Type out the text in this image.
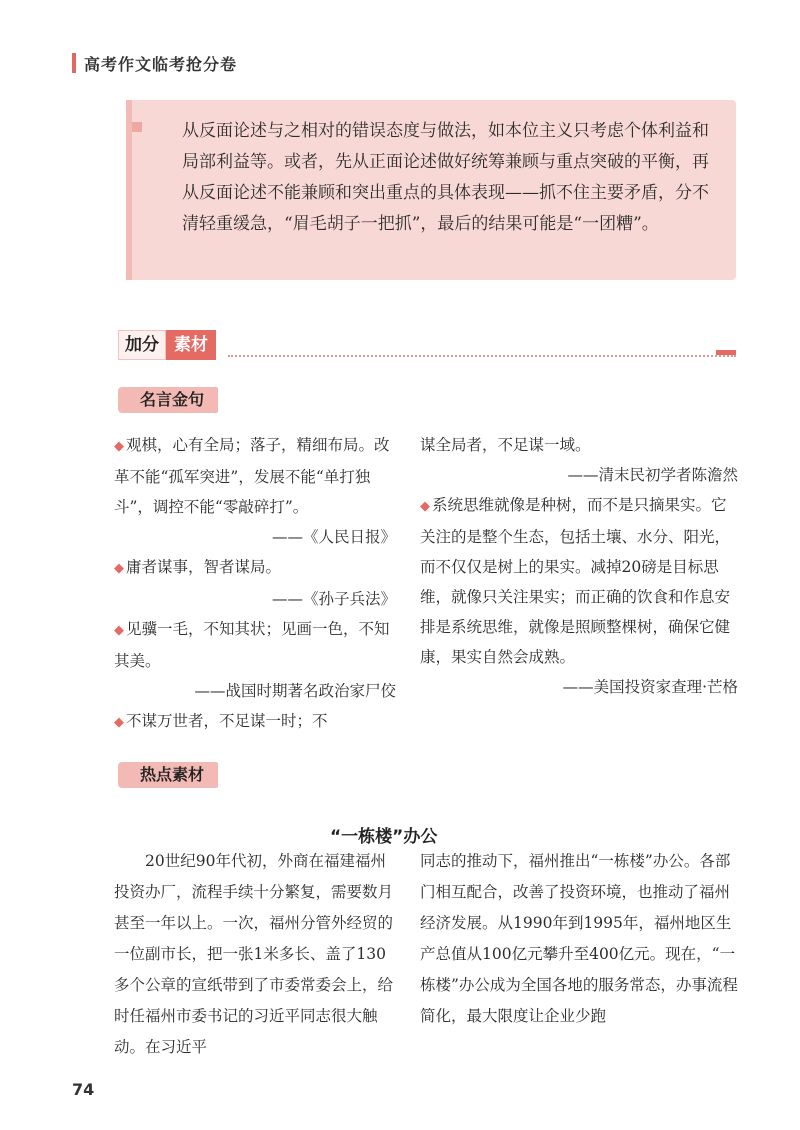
高考作文临考抢分卷

从反面论述与之相对的错误态度与做法，如本位主义只考虑个体利益和局部利益等。或者，先从正面论述做好统筹兼顾与重点突破的平衡，再从反面论述不能兼顾和突出重点的具体表现——抓不住主要矛盾，分不清轻重缓急，“眉毛胡子一把抓”，最后的结果可能是“一团糟”。

加分 素材
名言金句

◆ 观棋，心有全局；落子，精细布局。改革不能“孤军突进”，发展不能“单打独斗”，调控不能“零敲碎打”。

——《人民日报》

◆ 庸者谋事，智者谋局。

——《孙子兵法》

◆ 见骥一毛，不知其状；见画一色，不知其美。

——战国时期著名政治家尸佼

◆ 不谋万世者，不足谋一时；不

谋全局者，不足谋一域。

——清末民初学者陈澹然

◆ 系统思维就像是种树，而不是只摘果实。它关注的是整个生态，包括土壤、水分、阳光，而不仅仅是树上的果实。减掉20磅是目标思维，就像只关注果实；而正确的饮食和作息安排是系统思维，就像是照顾整棵树，确保它健康，果实自然会成熟。

——美国投资家查理·芒格

热点素材
“一栋楼”办公
20世纪90年代初，外商在福建福州投资办厂，流程手续十分繁复，需要数月甚至一年以上。一次，福州分管外经贸的一位副市长，把一张1米多长、盖了130多个公章的宣纸带到了市委常委会上，给时任福州市委书记的习近平同志很大触动。在习近平
同志的推动下，福州推出“一栋楼”办公。各部门相互配合，改善了投资环境，也推动了福州经济发展。从1990年到1995年，福州地区生产总值从100亿元攀升至400亿元。现在，“一栋楼”办公成为全国各地的服务常态，办事流程简化，最大限度让企业少跑
74
